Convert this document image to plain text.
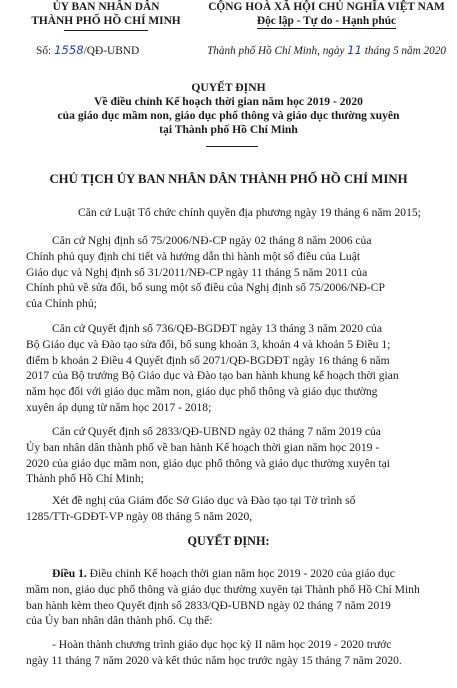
ỦY BAN NHÂN DÂN
THÀNH PHỐ HỒ CHÍ MINH
CỘNG HOÀ XÃ HỘI CHỦ NGHĨA VIỆT NAM
Độc lập - Tự do - Hạnh phúc
Số: 1558/QĐ-UBND	Thành phố Hồ Chí Minh, ngày 11 tháng 5 năm 2020
QUYẾT ĐỊNH
Về điều chỉnh Kế hoạch thời gian năm học 2019 - 2020
của giáo dục mầm non, giáo dục phổ thông và giáo dục thường xuyên
tại Thành phố Hồ Chí Minh
CHỦ TỊCH ỦY BAN NHÂN DÂN THÀNH PHỐ HỒ CHÍ MINH
Căn cứ Luật Tổ chức chính quyền địa phương ngày 19 tháng 6 năm 2015;
Căn cứ Nghị định số 75/2006/NĐ-CP ngày 02 tháng 8 năm 2006 của
Chính phủ quy định chi tiết và hướng dẫn thi hành một số điều của Luật
Giáo dục và Nghị định số 31/2011/NĐ-CP ngày 11 tháng 5 năm 2011 của
Chính phủ về sửa đổi, bổ sung một số điều của Nghị định số 75/2006/NĐ-CP
của Chính phủ;
Căn cứ Quyết định số 736/QĐ-BGDĐT ngày 13 tháng 3 năm 2020 của
Bộ Giáo dục và Đào tạo sửa đổi, bổ sung khoản 3, khoản 4 và khoản 5 Điều 1;
điểm b khoản 2 Điều 4 Quyết định số 2071/QĐ-BGDĐT ngày 16 tháng 6 năm
2017 của Bộ trưởng Bộ Giáo dục và Đào tạo ban hành khung kế hoạch thời gian
năm học đối với giáo dục mầm non, giáo dục phổ thông và giáo dục thường
xuyên áp dụng từ năm học 2017 - 2018;
Căn cứ Quyết định số 2833/QĐ-UBND ngày 02 tháng 7 năm 2019 của
Ủy ban nhân dân thành phố về ban hành Kế hoạch thời gian năm học 2019 -
2020 của giáo dục mầm non, giáo dục phổ thông và giáo dục thường xuyên tại
Thành phố Hồ Chí Minh;
Xét đề nghị của Giám đốc Sở Giáo dục và Đào tạo tại Tờ trình số
1285/TTr-GDĐT-VP ngày 08 tháng 5 năm 2020,
QUYẾT ĐỊNH:
Điều 1. Điều chỉnh Kế hoạch thời gian năm học 2019 - 2020 của giáo dục
mầm non, giáo dục phổ thông và giáo dục thường xuyên tại Thành phố Hồ Chí Minh
ban hành kèm theo Quyết định số 2833/QĐ-UBND ngày 02 tháng 7 năm 2019
của Ủy ban nhân dân thành phố. Cụ thể:
- Hoàn thành chương trình giáo dục học kỳ II năm học 2019 - 2020 trước
ngày 11 tháng 7 năm 2020 và kết thúc năm học trước ngày 15 tháng 7 năm 2020.
